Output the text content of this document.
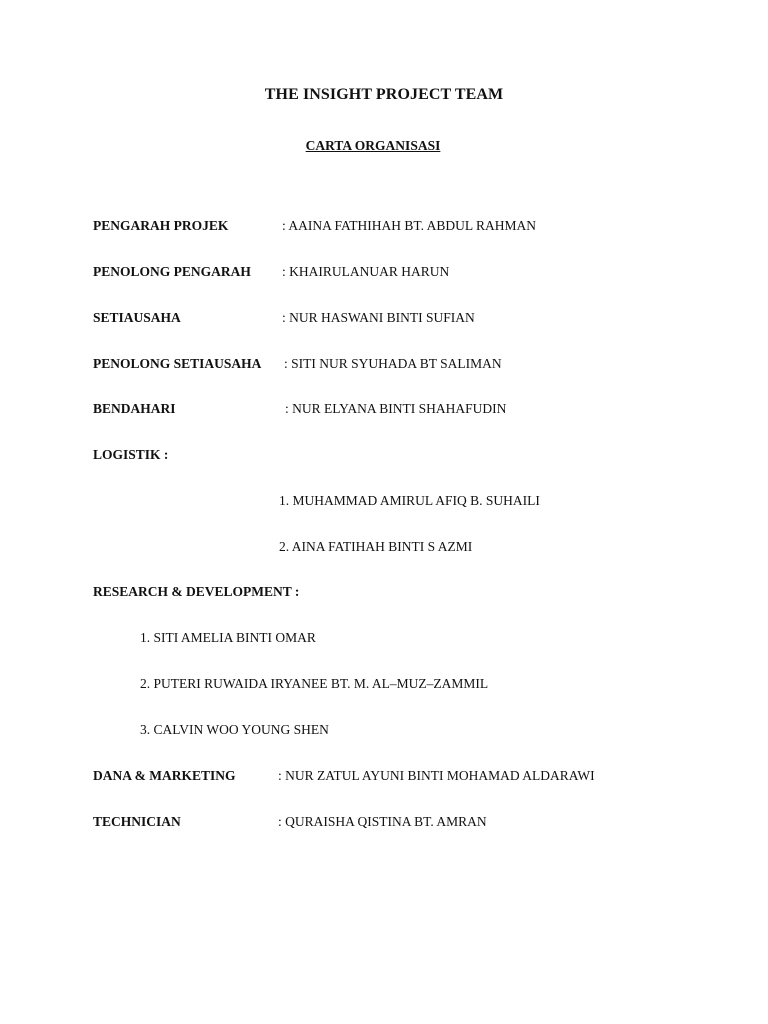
THE INSIGHT PROJECT TEAM
CARTA ORGANISASI
PENGARAH PROJEK	: AAINA FATHIHAH BT. ABDUL RAHMAN
PENOLONG PENGARAH : KHAIRULANUAR HARUN
SETIAUSAHA	: NUR HASWANI BINTI SUFIAN
PENOLONG SETIAUSAHA : SITI NUR SYUHADA BT SALIMAN
BENDAHARI	: NUR ELYANA BINTI SHAHAFUDIN
LOGISTIK :
1. MUHAMMAD AMIRUL AFIQ B. SUHAILI
2. AINA FATIHAH BINTI S AZMI
RESEARCH & DEVELOPMENT :
1. SITI AMELIA BINTI OMAR
2. PUTERI RUWAIDA IRYANEE BT. M. AL–MUZ–ZAMMIL
3. CALVIN WOO YOUNG SHEN
DANA & MARKETING	: NUR ZATUL AYUNI BINTI MOHAMAD ALDARAWI
TECHNICIAN	: QURAISHA QISTINA BT. AMRAN
